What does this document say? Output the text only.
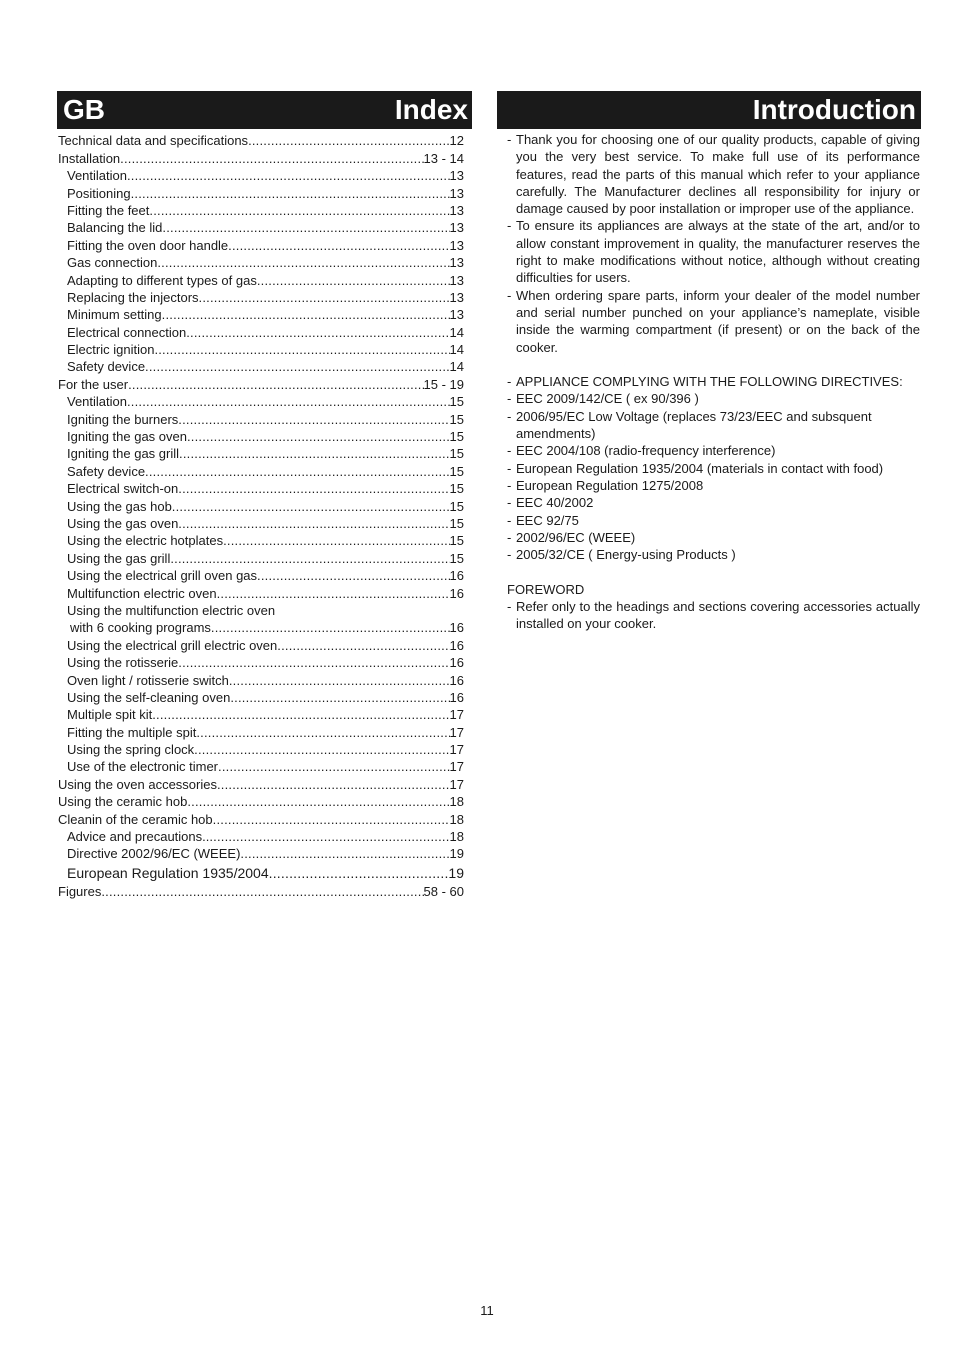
GB	Index	Introduction
Technical data and specifications .....	12
Installation .....	13 - 14
Ventilation .....	13
Positioning .....	13
Fitting the feet .....	13
Balancing the lid .....	13
Fitting the oven door handle .....	13
Gas connection .....	13
Adapting to different types of gas .....	13
Replacing the injectors .....	13
Minimum setting .....	13
Electrical connection .....	14
Electric ignition .....	14
Safety device .....	14
For the user .....	15 - 19
Ventilation .....	15
Igniting the burners .....	15
Igniting the gas oven .....	15
Igniting the gas grill .....	15
Safety device .....	15
Electrical switch-on .....	15
Using the gas hob .....	15
Using the gas oven .....	15
Using the electric hotplates .....	15
Using the gas grill .....	15
Using the electrical grill oven gas .....	16
Multifunction electric oven .....	16
Using the multifunction electric oven
with 6 cooking programs .....	16
Using the electrical grill electric oven .....	16
Using the rotisserie .....	16
Oven light / rotisserie switch .....	16
Using the self-cleaning oven .....	16
Multiple spit kit .....	17
Fitting the multiple spit .....	17
Using the spring clock .....	17
Use of the electronic timer .....	17
Using the oven accessories .....	17
Using the ceramic hob .....	18
Cleanin of the ceramic hob .....	18
Advice and precautions.. .....	18
Directive 2002/96/EC (WEEE) .....	19
European Regulation 1935/2004 .....	19
Figures .....	58 - 60
- Thank you for choosing one of our quality products, capable of giving you the very best service. To make full use of its performance features, read the parts of this manual which refer to your appliance carefully. The Manufacturer declines all responsibility for injury or damage caused by poor installation or improper use of the appliance.
- To ensure its appliances are always at the state of the art, and/or to allow constant improvement in quality, the manufacturer reserves the right to make modifications without notice, although without creating difficulties for users.
- When ordering spare parts, inform your dealer of the model number and serial number punched on your appliance’s nameplate, visible inside the warming compartment (if present) or on the back of the cooker.
- APPLIANCE COMPLYING WITH THE FOLLOWING DIRECTIVES:
- EEC 2009/142/CE ( ex 90/396 )
- 2006/95/EC Low Voltage (replaces 73/23/EEC and subsquent amendments)
- EEC 2004/108 (radio-frequency interference)
- European Regulation 1935/2004 (materials in contact with food)
- European Regulation 1275/2008
- EEC 40/2002
- EEC 92/75
- 2002/96/EC (WEEE)
- 2005/32/CE ( Energy-using Products )
FOREWORD
- Refer only to the headings and sections covering accessories actually installed on your cooker.
11
